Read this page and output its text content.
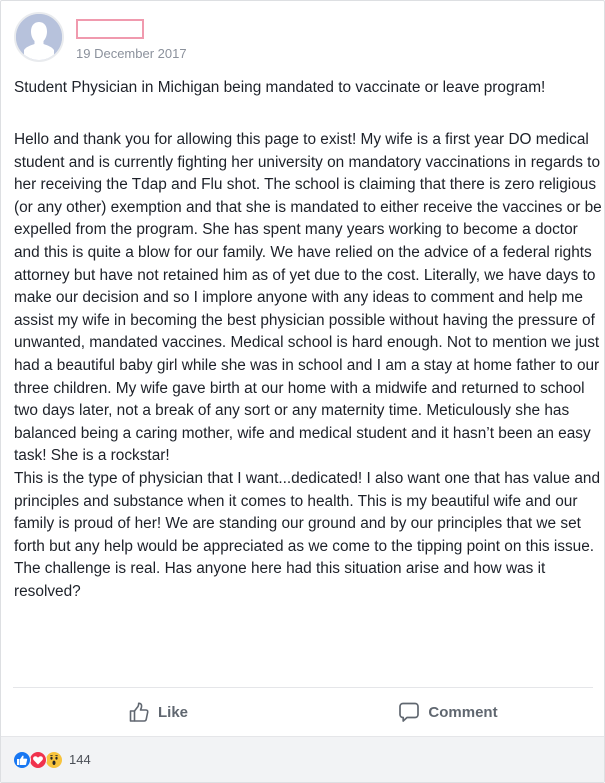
19 December 2017
Student Physician in Michigan being mandated to vaccinate or leave program!

Hello and thank you for allowing this page to exist! My wife is a first year DO medical student and is currently fighting her university on mandatory vaccinations in regards to her receiving the Tdap and Flu shot. The school is claiming that there is zero religious (or any other) exemption and that she is mandated to either receive the vaccines or be expelled from the program. She has spent many years working to become a doctor and this is quite a blow for our family. We have relied on the advice of a federal rights attorney but have not retained him as of yet due to the cost. Literally, we have days to make our decision and so I implore anyone with any ideas to comment and help me assist my wife in becoming the best physician possible without having the pressure of unwanted, mandated vaccines. Medical school is hard enough. Not to mention we just had a beautiful baby girl while she was in school and I am a stay at home father to our three children. My wife gave birth at our home with a midwife and returned to school two days later, not a break of any sort or any maternity time. Meticulously she has balanced being a caring mother, wife and medical student and it hasn’t been an easy task! She is a rockstar!

This is the type of physician that I want...dedicated! I also want one that has value and principles and substance when it comes to health. This is my beautiful wife and our family is proud of her! We are standing our ground and by our principles that we set forth but any help would be appreciated as we come to the tipping point on this issue. The challenge is real. Has anyone here had this situation arise and how was it resolved?

Like	Comment
144
